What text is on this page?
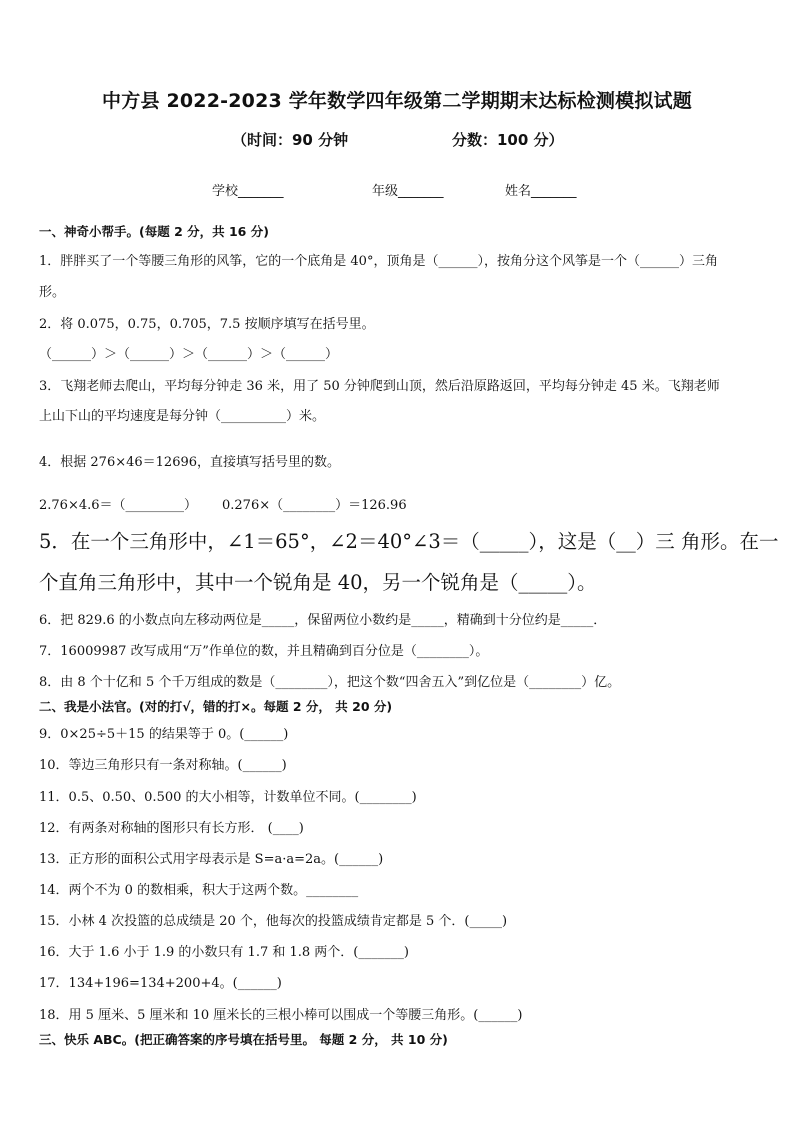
中方县 2022-2023 学年数学四年级第二学期期末达标检测模拟试题
（时间：90 分钟	分数：100 分）
学校_______	年级_______	姓名_______
一、神奇小帮手。(每题 2 分，共 16 分)
1．胖胖买了一个等腰三角形的风筝，它的一个底角是 40°，顶角是（______），按角分这个风筝是一个（______）三角
形。
2．将 0.075，0.75，0.705，7.5 按顺序填写在括号里。
（______）＞（______）＞（______）＞（______）
3．飞翔老师去爬山，平均每分钟走 36 米，用了 50 分钟爬到山顶，然后沿原路返回，平均每分钟走 45 米。飞翔老师
上山下山的平均速度是每分钟（__________）米。
4．根据 276×46＝12696，直接填写括号里的数。
2.76×4.6＝（_________） 0.276×（________）＝126.96
5．在一个三角形中，∠1＝65°，∠2＝40°∠3＝（_____），这是（__）三 角形。在一
个直角三角形中，其中一个锐角是 40，另一个锐角是（_____）。
6．把 829.6 的小数点向左移动两位是_____，保留两位小数约是_____，精确到十分位约是_____．
7．16009987 改写成用“万”作单位的数，并且精确到百分位是（________）。
8．由 8 个十亿和 5 个千万组成的数是（________），把这个数“四舍五入”到亿位是（________）亿。
二、我是小法官。(对的打√，错的打×。每题 2 分， 共 20 分)
9．0×25÷5＋15 的结果等于 0。(______)
10．等边三角形只有一条对称轴。(______)
11．0.5、0.50、0.500 的大小相等，计数单位不同。(________)
12．有两条对称轴的图形只有长方形． (____)
13．正方形的面积公式用字母表示是 S=a·a=2a。(______)
14．两个不为 0 的数相乘，积大于这两个数。________
15．小林 4 次投篮的总成绩是 20 个，他每次的投篮成绩肯定都是 5 个．(_____)
16．大于 1.6 小于 1.9 的小数只有 1.7 和 1.8 两个．(_______)
17．134+196=134+200+4。(______)
18．用 5 厘米、5 厘米和 10 厘米长的三根小棒可以围成一个等腰三角形。(______)
三、快乐 ABC。(把正确答案的序号填在括号里。 每题 2 分， 共 10 分)
